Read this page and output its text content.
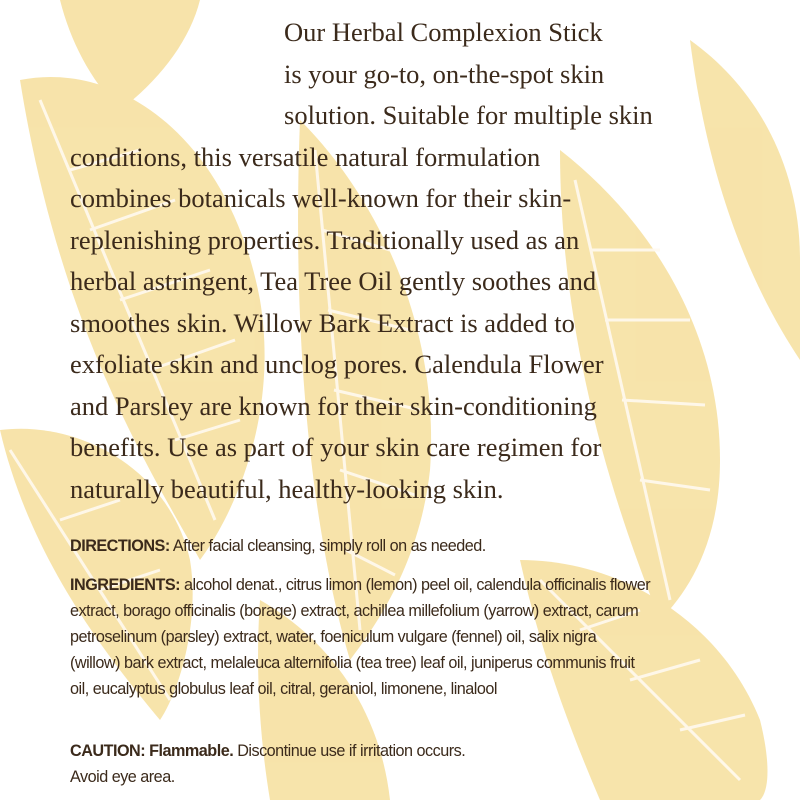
Our Herbal Complexion Stick
is your go-to, on-the-spot skin
solution. Suitable for multiple skin
conditions, this versatile natural formulation
combines botanicals well-known for their skin-
replenishing properties. Traditionally used as an
herbal astringent, Tea Tree Oil gently soothes and
smoothes skin. Willow Bark Extract is added to
exfoliate skin and unclog pores. Calendula Flower
and Parsley are known for their skin-conditioning
benefits. Use as part of your skin care regimen for
naturally beautiful, healthy-looking skin.
DIRECTIONS: After facial cleansing, simply roll on as needed.
INGREDIENTS: alcohol denat., citrus limon (lemon) peel oil, calendula officinalis flower
extract, borago officinalis (borage) extract, achillea millefolium (yarrow) extract, carum
petroselinum (parsley) extract, water, foeniculum vulgare (fennel) oil, salix nigra
(willow) bark extract, melaleuca alternifolia (tea tree) leaf oil, juniperus communis fruit
oil, eucalyptus globulus leaf oil, citral, geraniol, limonene, linalool
CAUTION: Flammable. Discontinue use if irritation occurs.
Avoid eye area.
